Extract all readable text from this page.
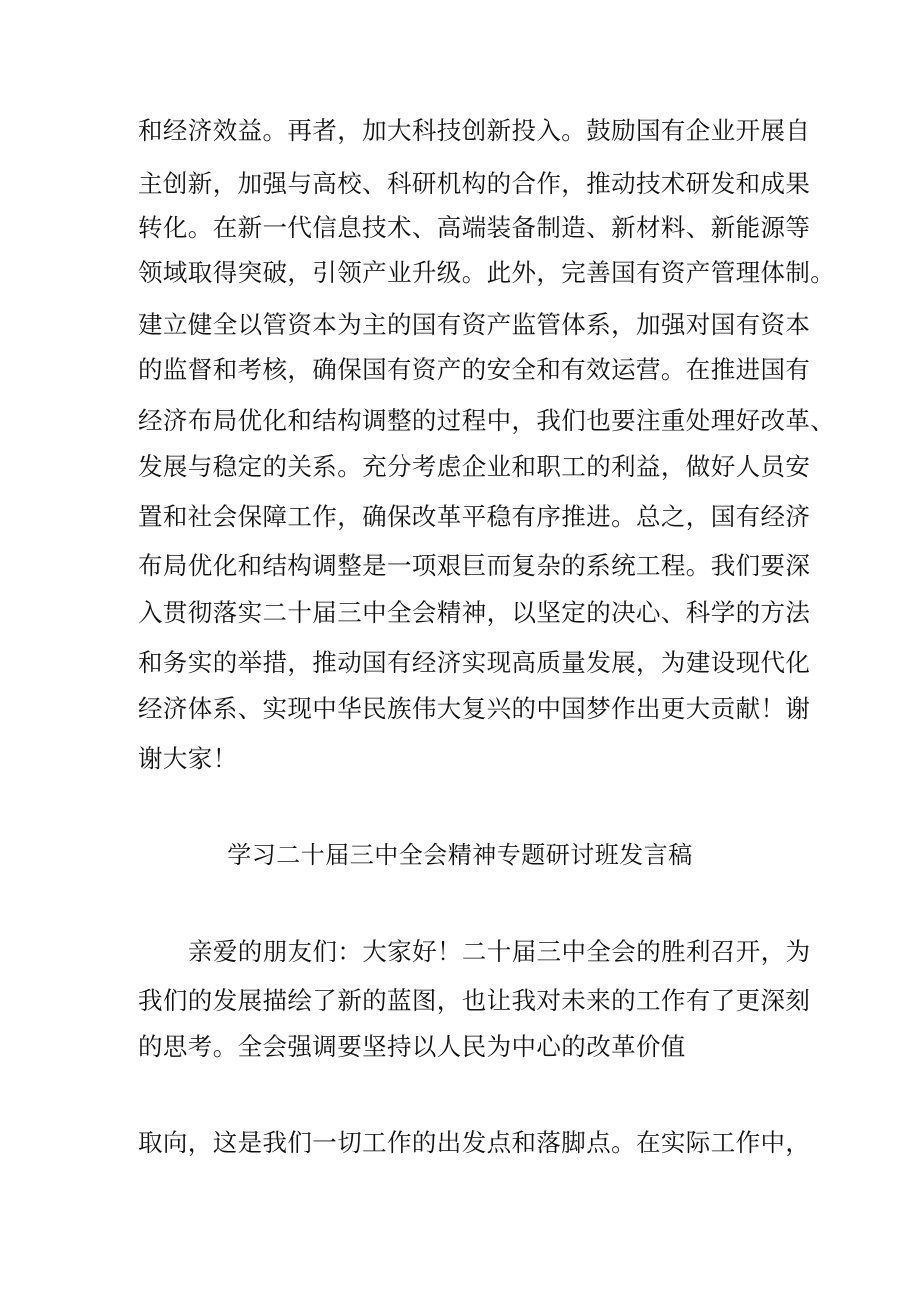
和经济效益。再者，加大科技创新投入。鼓励国有企业开展自
主创新，加强与高校、科研机构的合作，推动技术研发和成果
转化。在新一代信息技术、高端装备制造、新材料、新能源等
领域取得突破，引领产业升级。此外，完善国有资产管理体制。
建立健全以管资本为主的国有资产监管体系，加强对国有资本
的监督和考核，确保国有资产的安全和有效运营。在推进国有
经济布局优化和结构调整的过程中，我们也要注重处理好改革、
发展与稳定的关系。充分考虑企业和职工的利益，做好人员安
置和社会保障工作，确保改革平稳有序推进。总之，国有经济
布局优化和结构调整是一项艰巨而复杂的系统工程。我们要深
入贯彻落实二十届三中全会精神，以坚定的决心、科学的方法
和务实的举措，推动国有经济实现高质量发展，为建设现代化
经济体系、实现中华民族伟大复兴的中国梦作出更大贡献！谢
谢大家！
学习二十届三中全会精神专题研讨班发言稿
亲爱的朋友们：大家好！二十届三中全会的胜利召开，为
我们的发展描绘了新的蓝图，也让我对未来的工作有了更深刻
的思考。全会强调要坚持以人民为中心的改革价值
取向，这是我们一切工作的出发点和落脚点。在实际工作中，
